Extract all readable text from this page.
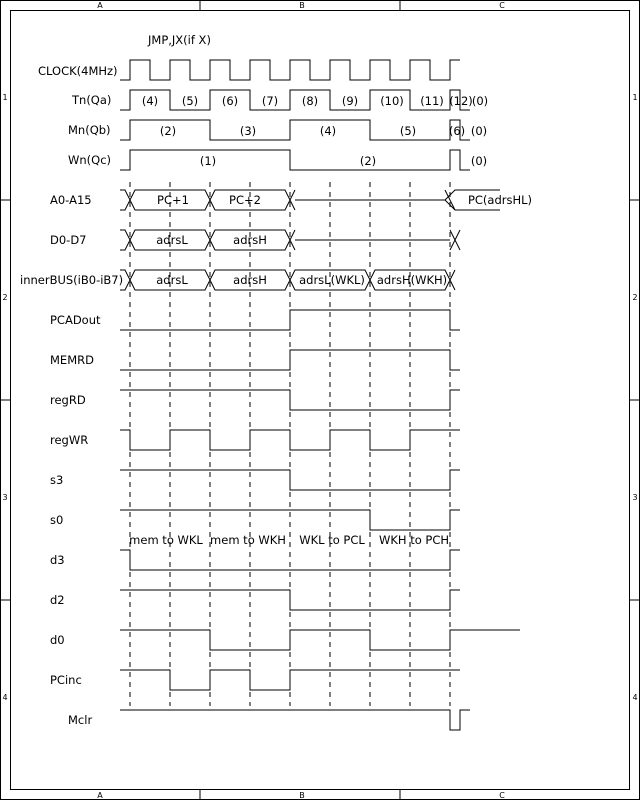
A	B	C
A	B	C
1
2
3
4
1
2
3
4
JMP,JX(if X)
CLOCK(4MHz)
Tn(Qa)
Mn(Qb)
Wn(Qc)
A0-A15
D0-D7
innerBUS(iB0-iB7)
PCADout
MEMRD
regRD
regWR
s3
s0
d3
d2
d0
PCinc
Mclr
(4) (5) (6) (7) (8) (9) (10) (11) (12) (0)
(2)	(3)	(4)	(5)	(6) (0)
(1)	(2)	(0)
PC+1	PC+2	PC(adrsHL)
adrsL	adrsH
adrsL	adrsH	adrsL(WKL) adrsH(WKH)
mem to WKL mem to WKH WKL to PCL WKH to PCH
